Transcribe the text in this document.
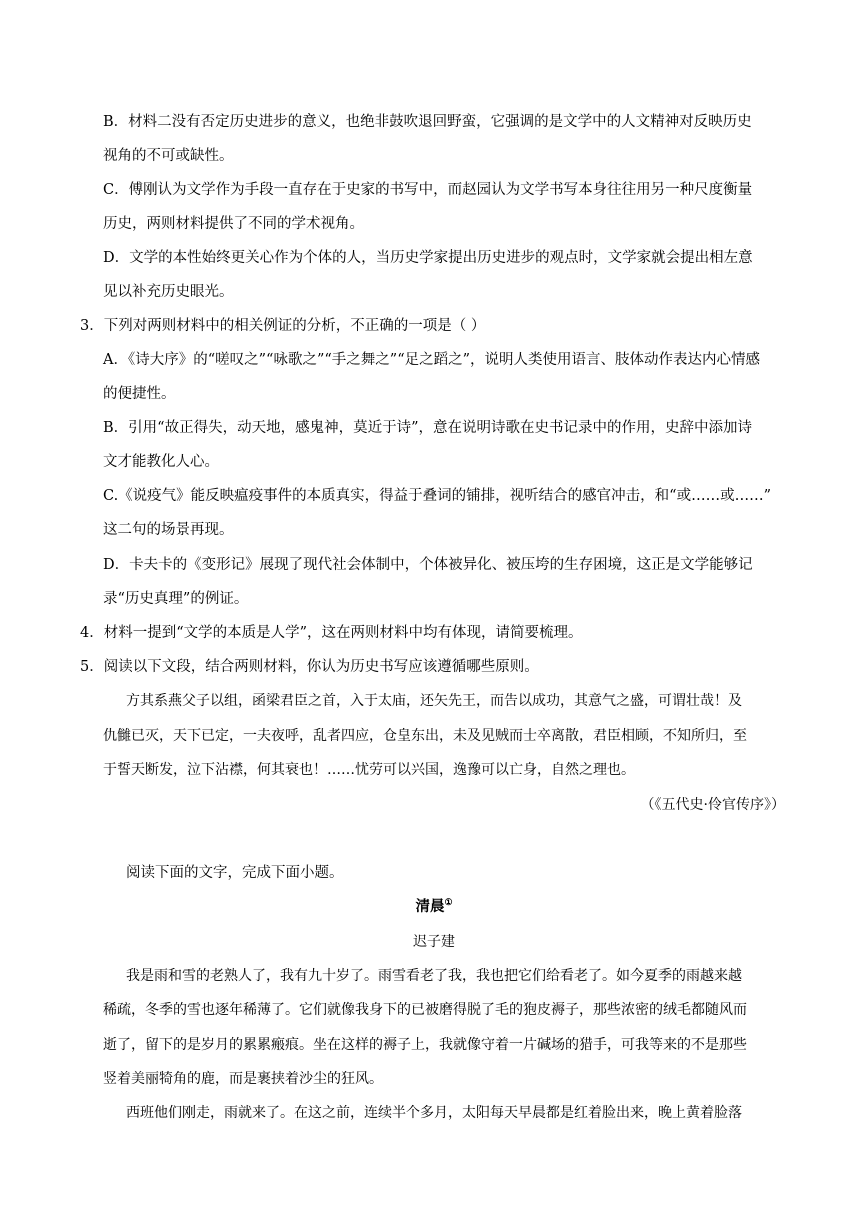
B．材料二没有否定历史进步的意义，也绝非鼓吹退回野蛮，它强调的是文学中的人文精神对反映历史
视角的不可或缺性。
C．傅刚认为文学作为手段一直存在于史家的书写中，而赵园认为文学书写本身往往用另一种尺度衡量
历史，两则材料提供了不同的学术视角。
D．文学的本性始终更关心作为个体的人，当历史学家提出历史进步的观点时，文学家就会提出相左意
见以补充历史眼光。
3．下列对两则材料中的相关例证的分析，不正确的一项是（ ）
A．《诗大序》的“嗟叹之”“咏歌之”“手之舞之”“足之蹈之”，说明人类使用语言、肢体动作表达内心情感
的便捷性。
B．引用“故正得失，动天地，感鬼神，莫近于诗”，意在说明诗歌在史书记录中的作用，史辞中添加诗
文才能教化人心。
C.《说疫气》能反映瘟疫事件的本质真实，得益于叠词的铺排，视听结合的感官冲击，和“或……或……”
这二句的场景再现。
D．卡夫卡的《变形记》展现了现代社会体制中，个体被异化、被压垮的生存困境，这正是文学能够记
录“历史真理”的例证。
4．材料一提到“文学的本质是人学”，这在两则材料中均有体现，请简要梳理。
5．阅读以下文段，结合两则材料，你认为历史书写应该遵循哪些原则。
方其系燕父子以组，函梁君臣之首，入于太庙，还矢先王，而告以成功，其意气之盛，可谓壮哉！及
仇雠已灭，天下已定，一夫夜呼，乱者四应，仓皇东出，未及见贼而士卒离散，君臣相顾，不知所归，至
于誓天断发，泣下沾襟，何其衰也！……忧劳可以兴国，逸豫可以亡身，自然之理也。
（《五代史·伶官传序》）
阅读下面的文字，完成下面小题。
清晨①
迟子建
我是雨和雪的老熟人了，我有九十岁了。雨雪看老了我，我也把它们给看老了。如今夏季的雨越来越
稀疏，冬季的雪也逐年稀薄了。它们就像我身下的已被磨得脱了毛的狍皮褥子，那些浓密的绒毛都随风而
逝了，留下的是岁月的累累瘢痕。坐在这样的褥子上，我就像守着一片碱场的猎手，可我等来的不是那些
竖着美丽犄角的鹿，而是裹挟着沙尘的狂风。
西班他们刚走，雨就来了。在这之前，连续半个多月，太阳每天早晨都是红着脸出来，晚上黄着脸落
